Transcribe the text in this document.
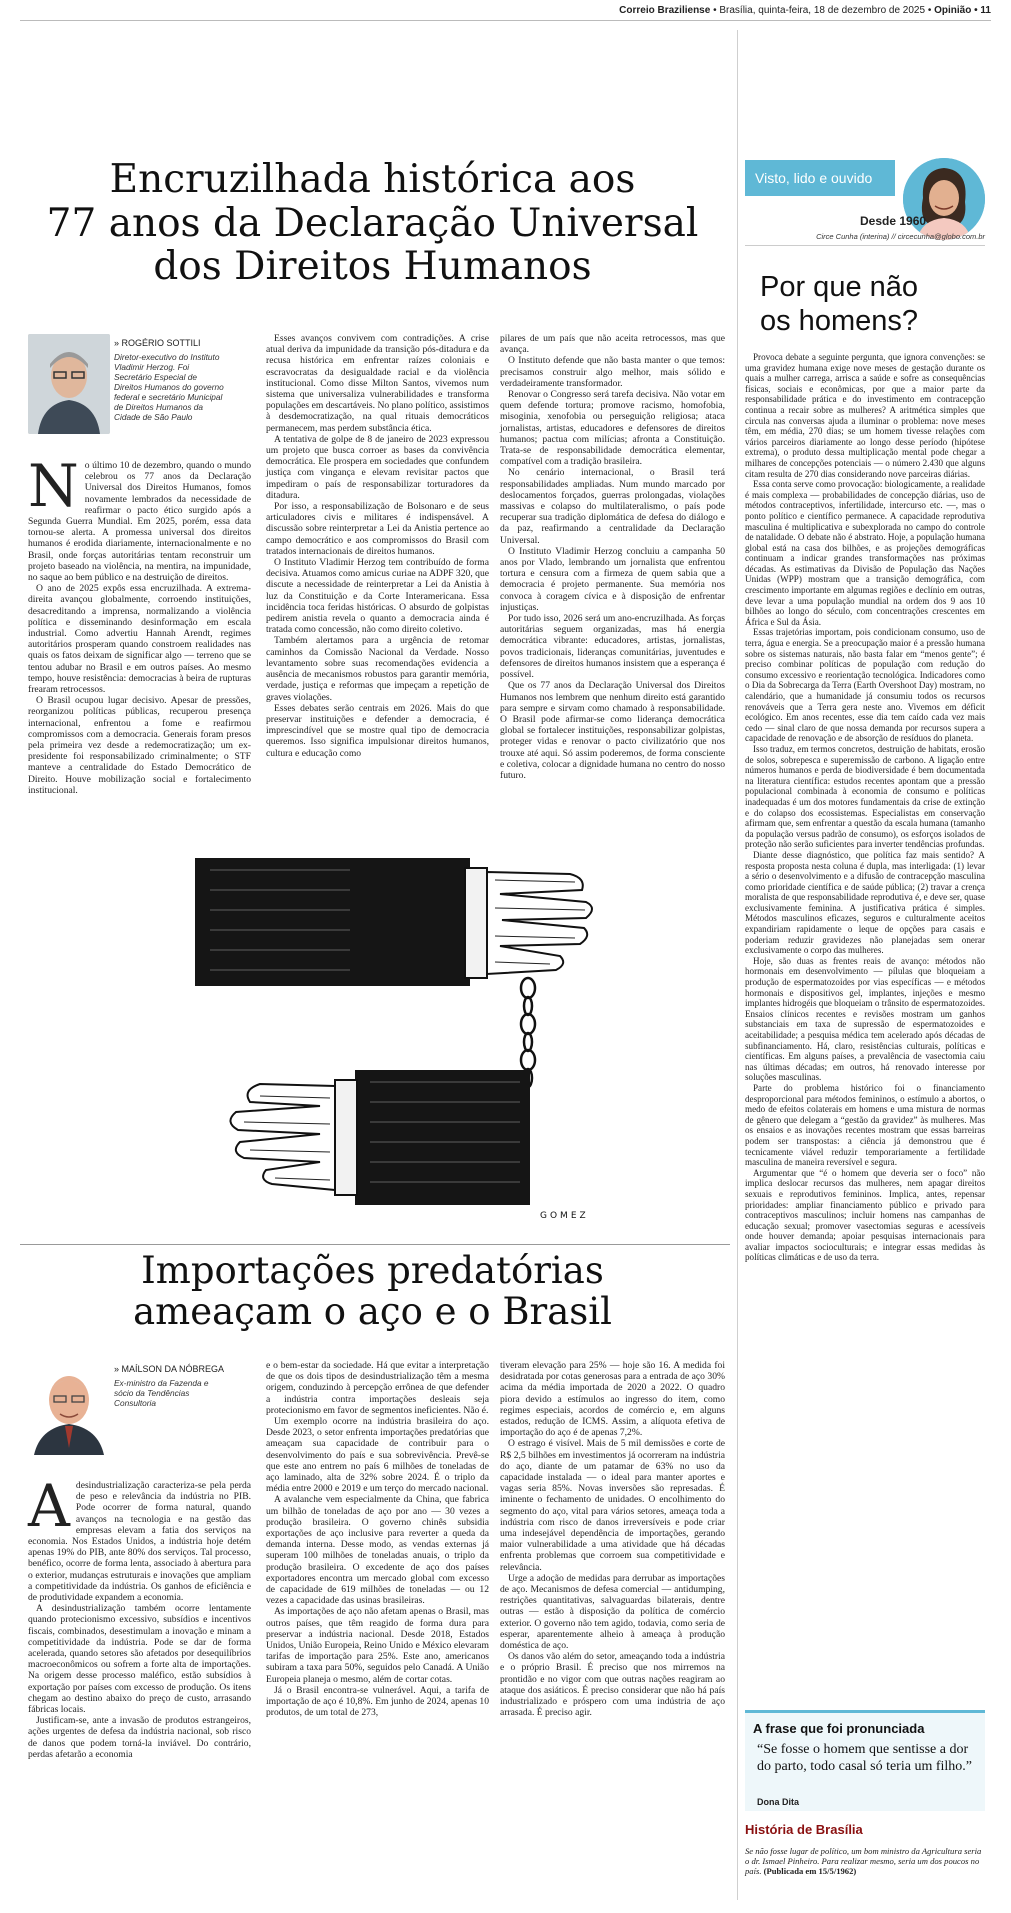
Correio Braziliense • Brasília, quinta-feira, 18 de dezembro de 2025 • Opinião • 11
Encruzilhada histórica aos
77 anos da Declaração Universal
dos Direitos Humanos
» ROGÉRIO SOTTILI
Diretor-executivo do Instituto Vladimir Herzog. Foi Secretário Especial de Direitos Humanos do governo federal e secretário Municipal de Direitos Humanos da Cidade de São Paulo
N o último 10 de dezembro, quando o mundo celebrou os 77 anos da Declaração Universal dos Direitos Humanos, fomos novamente lembrados da necessidade de reafirmar o pacto ético surgido após a Segunda Guerra Mundial. Em 2025, porém, essa data tornou-se alerta. A promessa universal dos direitos humanos é erodida diariamente, internacionalmente e no Brasil, onde forças autoritárias tentam reconstruir um projeto baseado na violência, na mentira, na impunidade, no saque ao bem público e na destruição de direitos.

O ano de 2025 expôs essa encruzilhada. A extrema-direita avançou globalmente, corroendo instituições, desacreditando a imprensa, normalizando a violência política e disseminando desinformação em escala industrial. Como advertiu Hannah Arendt, regimes autoritários prosperam quando constroem realidades nas quais os fatos deixam de significar algo — terreno que se tentou adubar no Brasil e em outros países. Ao mesmo tempo, houve resistência: democracias à beira de rupturas frearam retrocessos.

O Brasil ocupou lugar decisivo. Apesar de pressões, reorganizou políticas públicas, recuperou presença internacional, enfrentou a fome e reafirmou compromissos com a democracia. Generais foram presos pela primeira vez desde a redemocratização; um ex-presidente foi responsabilizado criminalmente; o STF manteve a centralidade do Estado Democrático de Direito. Houve mobilização social e fortalecimento institucional.

Esses avanços convivem com contradições. A crise atual deriva da impunidade da transição pós-ditadura e da recusa histórica em enfrentar raízes coloniais e escravocratas da desigualdade racial e da violência institucional. Como disse Milton Santos, vivemos num sistema que universaliza vulnerabilidades e transforma populações em descartáveis. No plano político, assistimos à desdemocratização, na qual rituais democráticos permanecem, mas perdem substância ética.

A tentativa de golpe de 8 de janeiro de 2023 expressou um projeto que busca corroer as bases da convivência democrática. Ele prospera em sociedades que confundem justiça com vingança e elevam revisitar pactos que impediram o país de responsabilizar torturadores da ditadura.

Por isso, a responsabilização de Bolsonaro e de seus articuladores civis e militares é indispensável. A discussão sobre reinterpretar a Lei da Anistia pertence ao campo democrático e aos compromissos do Brasil com tratados internacionais de direitos humanos.

O Instituto Vladimir Herzog tem contribuído de forma decisiva. Atuamos como amicus curiae na ADPF 320, que discute a necessidade de reinterpretar a Lei da Anistia à luz da Constituição e da Corte Interamericana. Essa incidência toca feridas históricas. O absurdo de golpistas pedirem anistia revela o quanto a democracia ainda é tratada como concessão, não como direito coletivo.

Também alertamos para a urgência de retomar caminhos da Comissão Nacional da Verdade. Nosso levantamento sobre suas recomendações evidencia a ausência de mecanismos robustos para garantir memória, verdade, justiça e reformas que impeçam a repetição de graves violações.

Esses debates serão centrais em 2026. Mais do que preservar instituições e defender a democracia, é imprescindível que se mostre qual tipo de democracia queremos. Isso significa impulsionar direitos humanos, cultura e educação como

pilares de um país que não aceita retrocessos, mas que avança.

O Instituto defende que não basta manter o que temos: precisamos construir algo melhor, mais sólido e verdadeiramente transformador.

Renovar o Congresso será tarefa decisiva. Não votar em quem defende tortura; promove racismo, homofobia, misoginia, xenofobia ou perseguição religiosa; ataca jornalistas, artistas, educadores e defensores de direitos humanos; pactua com milícias; afronta a Constituição. Trata-se de responsabilidade democrática elementar, compatível com a tradição brasileira.

No cenário internacional, o Brasil terá responsabilidades ampliadas. Num mundo marcado por deslocamentos forçados, guerras prolongadas, violações massivas e colapso do multilateralismo, o país pode recuperar sua tradição diplomática de defesa do diálogo e da paz, reafirmando a centralidade da Declaração Universal.

O Instituto Vladimir Herzog concluiu a campanha 50 anos por Vlado, lembrando um jornalista que enfrentou tortura e censura com a firmeza de quem sabia que a democracia é projeto permanente. Sua memória nos convoca à coragem cívica e à disposição de enfrentar injustiças.

Por tudo isso, 2026 será um ano-encruzilhada. As forças autoritárias seguem organizadas, mas há energia democrática vibrante: educadores, artistas, jornalistas, povos tradicionais, lideranças comunitárias, juventudes e defensores de direitos humanos insistem que a esperança é possível.

Que os 77 anos da Declaração Universal dos Direitos Humanos nos lembrem que nenhum direito está garantido para sempre e sirvam como chamado à responsabilidade. O Brasil pode afirmar-se como liderança democrática global se fortalecer instituições, responsabilizar golpistas, proteger vidas e renovar o pacto civilizatório que nos trouxe até aqui. Só assim poderemos, de forma consciente e coletiva, colocar a dignidade humana no centro do nosso futuro.

GOMEZ
Importações predatórias
ameaçam o aço e o Brasil
» MAÍLSON DA NÓBREGA
Ex-ministro da Fazenda e sócio da Tendências Consultoria
A desindustrialização caracteriza-se pela perda de peso e relevância da indústria no PIB. Pode ocorrer de forma natural, quando avanços na tecnologia e na gestão das empresas elevam a fatia dos serviços na economia. Nos Estados Unidos, a indústria hoje detém apenas 19% do PIB, ante 80% dos serviços. Tal processo, benéfico, ocorre de forma lenta, associado à abertura para o exterior, mudanças estruturais e inovações que ampliam a competitividade da indústria. Os ganhos de eficiência e de produtividade expandem a economia.

A desindustrialização também ocorre lentamente quando protecionismo excessivo, subsídios e incentivos fiscais, combinados, desestimulam a inovação e minam a competitividade da indústria. Pode se dar de forma acelerada, quando setores são afetados por desequilíbrios macroeconômicos ou sofrem a forte alta de importações. Na origem desse processo maléfico, estão subsídios à exportação por países com excesso de produção. Os itens chegam ao destino abaixo do preço de custo, arrasando fábricas locais.

Justificam-se, ante a invasão de produtos estrangeiros, ações urgentes de defesa da indústria nacional, sob risco de danos que podem torná-la inviável. Do contrário, perdas afetarão a economia

e o bem-estar da sociedade. Há que evitar a interpretação de que os dois tipos de desindustrialização têm a mesma origem, conduzindo à percepção errônea de que defender a indústria contra importações desleais seja protecionismo em favor de segmentos ineficientes. Não é.

Um exemplo ocorre na indústria brasileira do aço. Desde 2023, o setor enfrenta importações predatórias que ameaçam sua capacidade de contribuir para o desenvolvimento do país e sua sobrevivência. Prevê-se que este ano entrem no país 6 milhões de toneladas de aço laminado, alta de 32% sobre 2024. É o triplo da média entre 2000 e 2019 e um terço do mercado nacional.

A avalanche vem especialmente da China, que fabrica um bilhão de toneladas de aço por ano — 30 vezes a produção brasileira. O governo chinês subsidia exportações de aço inclusive para reverter a queda da demanda interna. Desse modo, as vendas externas já superam 100 milhões de toneladas anuais, o triplo da produção brasileira. O excedente de aço dos países exportadores encontra um mercado global com excesso de capacidade de 619 milhões de toneladas — ou 12 vezes a capacidade das usinas brasileiras.

As importações de aço não afetam apenas o Brasil, mas outros países, que têm reagido de forma dura para preservar a indústria nacional. Desde 2018, Estados Unidos, União Europeia, Reino Unido e México elevaram tarifas de importação para 25%. Este ano, americanos subiram a taxa para 50%, seguidos pelo Canadá. A União Europeia planeja o mesmo, além de cortar cotas.

Já o Brasil encontra-se vulnerável. Aqui, a tarifa de importação de aço é 10,8%. Em junho de 2024, apenas 10 produtos, de um total de 273,

tiveram elevação para 25% — hoje são 16. A medida foi desidratada por cotas generosas para a entrada de aço 30% acima da média importada de 2020 a 2022. O quadro piora devido a estímulos ao ingresso do item, como regimes especiais, acordos de comércio e, em alguns estados, redução de ICMS. Assim, a alíquota efetiva de importação do aço é de apenas 7,2%.

O estrago é visível. Mais de 5 mil demissões e corte de R$ 2,5 bilhões em investimentos já ocorreram na indústria do aço, diante de um patamar de 63% no uso da capacidade instalada — o ideal para manter aportes e vagas seria 85%. Novas inversões são represadas. É iminente o fechamento de unidades. O encolhimento do segmento do aço, vital para vários setores, ameaça toda a indústria com risco de danos irreversíveis e pode criar uma indesejável dependência de importações, gerando maior vulnerabilidade a uma atividade que há décadas enfrenta problemas que corroem sua competitividade e relevância.

Urge a adoção de medidas para derrubar as importações de aço. Mecanismos de defesa comercial — antidumping, restrições quantitativas, salvaguardas bilaterais, dentre outras — estão à disposição da política de comércio exterior. O governo não tem agido, todavia, como seria de esperar, aparentemente alheio à ameaça à produção doméstica de aço.

Os danos vão além do setor, ameaçando toda a indústria e o próprio Brasil. É preciso que nos mirremos na prontidão e no vigor com que outras nações reagiram ao ataque dos asiáticos. É preciso considerar que não há país industrializado e próspero com uma indústria de aço arrasada. É preciso agir.

Visto, lido e ouvido
Desde 1960
Circe Cunha (interina) // circecunha@globo.com.br
Por que não
os homens?

Provoca debate a seguinte pergunta, que ignora convenções: se uma gravidez humana exige nove meses de gestação durante os quais a mulher carrega, arrisca a saúde e sofre as consequências físicas, sociais e econômicas, por que a maior parte da responsabilidade prática e do investimento em contracepção continua a recair sobre as mulheres? A aritmética simples que circula nas conversas ajuda a iluminar o problema: nove meses têm, em média, 270 dias; se um homem tivesse relações com vários parceiros diariamente ao longo desse período (hipótese extrema), o produto dessa multiplicação mental pode chegar a milhares de concepções potenciais — o número 2.430 que alguns citam resulta de 270 dias considerando nove parceiras diárias.

Essa conta serve como provocação: biologicamente, a realidade é mais complexa — probabilidades de concepção diárias, uso de métodos contraceptivos, infertilidade, intercurso etc. —, mas o ponto político e científico permanece. A capacidade reprodutiva masculina é multiplicativa e subexplorada no campo do controle de natalidade. O debate não é abstrato. Hoje, a população humana global está na casa dos bilhões, e as projeções demográficas continuam a indicar grandes transformações nas próximas décadas. As estimativas da Divisão de População das Nações Unidas (WPP) mostram que a transição demográfica, com crescimento importante em algumas regiões e declínio em outras, deve levar a uma população mundial na ordem dos 9 aos 10 bilhões ao longo do século, com concentrações crescentes em África e Sul da Ásia.

Essas trajetórias importam, pois condicionam consumo, uso de terra, água e energia. Se a preocupação maior é a pressão humana sobre os sistemas naturais, não basta falar em “menos gente”; é preciso combinar políticas de população com redução do consumo excessivo e reorientação tecnológica. Indicadores como o Dia da Sobrecarga da Terra (Earth Overshoot Day) mostram, no calendário, que a humanidade já consumiu todos os recursos renováveis que a Terra gera neste ano. Vivemos em déficit ecológico. Em anos recentes, esse dia tem caído cada vez mais cedo — sinal claro de que nossa demanda por recursos supera a capacidade de renovação e de absorção de resíduos do planeta.

Isso traduz, em termos concretos, destruição de habitats, erosão de solos, sobrepesca e superemissão de carbono. A ligação entre números humanos e perda de biodiversidade é bem documentada na literatura científica: estudos recentes apontam que a pressão populacional combinada à economia de consumo e políticas inadequadas é um dos motores fundamentais da crise de extinção e do colapso dos ecossistemas. Especialistas em conservação afirmam que, sem enfrentar a questão da escala humana (tamanho da população versus padrão de consumo), os esforços isolados de proteção não serão suficientes para inverter tendências profundas.

Diante desse diagnóstico, que política faz mais sentido? A resposta proposta nesta coluna é dupla, mas interligada: (1) levar a sério o desenvolvimento e a difusão de contracepção masculina como prioridade científica e de saúde pública; (2) travar a crença moralista de que responsabilidade reprodutiva é, e deve ser, quase exclusivamente feminina. A justificativa prática é simples. Métodos masculinos eficazes, seguros e culturalmente aceitos expandiriam rapidamente o leque de opções para casais e poderiam reduzir gravidezes não planejadas sem onerar exclusivamente o corpo das mulheres.

Hoje, são duas as frentes reais de avanço: métodos não hormonais em desenvolvimento — pílulas que bloqueiam a produção de espermatozoides por vias específicas — e métodos hormonais e dispositivos gel, implantes, injeções e mesmo implantes hidrogéis que bloqueiam o trânsito de espermatozoides. Ensaios clínicos recentes e revisões mostram um ganhos substanciais em taxa de supressão de espermatozoides e aceitabilidade; a pesquisa médica tem acelerado após décadas de subfinanciamento. Há, claro, resistências culturais, políticas e científicas. Em alguns países, a prevalência de vasectomia caiu nas últimas décadas; em outros, há renovado interesse por soluções masculinas.

Parte do problema histórico foi o financiamento desproporcional para métodos femininos, o estímulo a abortos, o medo de efeitos colaterais em homens e uma mistura de normas de gênero que delegam a “gestão da gravidez” às mulheres. Mas os ensaios e as inovações recentes mostram que essas barreiras podem ser transpostas: a ciência já demonstrou que é tecnicamente viável reduzir temporariamente a fertilidade masculina de maneira reversível e segura.

Argumentar que “é o homem que deveria ser o foco” não implica deslocar recursos das mulheres, nem apagar direitos sexuais e reprodutivos femininos. Implica, antes, repensar prioridades: ampliar financiamento público e privado para contraceptivos masculinos; incluir homens nas campanhas de educação sexual; promover vasectomias seguras e acessíveis onde houver demanda; apoiar pesquisas internacionais para avaliar impactos socioculturais; e integrar essas medidas às políticas climáticas e de uso da terra.

A frase que foi pronunciada
“Se fosse o homem que sentisse a dor do parto, todo casal só teria um filho.”
Dona Dita
História de Brasília
Se não fosse lugar de político, um bom ministro da Agricultura seria o dr. Ismael Pinheiro. Para realizar mesmo, seria um dos poucos no país. (Publicada em 15/5/1962)
